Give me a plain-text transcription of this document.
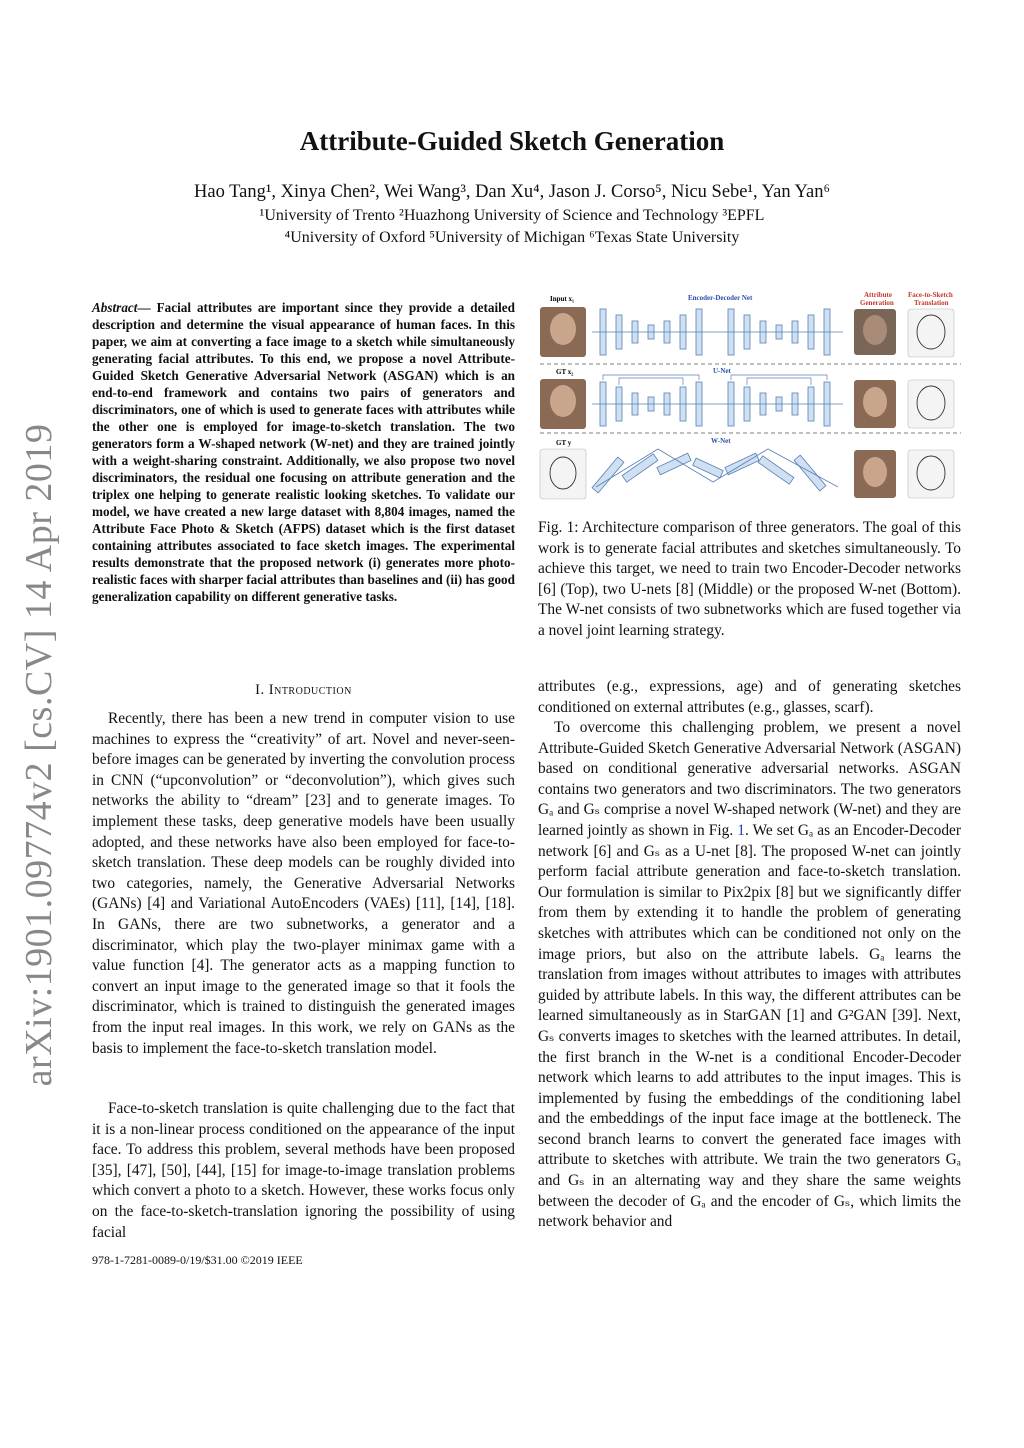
arXiv:1901.09774v2 [cs.CV] 14 Apr 2019
Attribute-Guided Sketch Generation
Hao Tang¹, Xinya Chen², Wei Wang³, Dan Xu⁴, Jason J. Corso⁵, Nicu Sebe¹, Yan Yan⁶
¹University of Trento ²Huazhong University of Science and Technology ³EPFL
⁴University of Oxford ⁵University of Michigan ⁶Texas State University
Abstract— Facial attributes are important since they provide a detailed description and determine the visual appearance of human faces. In this paper, we aim at converting a face image to a sketch while simultaneously generating facial attributes. To this end, we propose a novel Attribute-Guided Sketch Generative Adversarial Network (ASGAN) which is an end-to-end framework and contains two pairs of generators and discriminators, one of which is used to generate faces with attributes while the other one is employed for image-to-sketch translation. The two generators form a W-shaped network (W-net) and they are trained jointly with a weight-sharing constraint. Additionally, we also propose two novel discriminators, the residual one focusing on attribute generation and the triplex one helping to generate realistic looking sketches. To validate our model, we have created a new large dataset with 8,804 images, named the Attribute Face Photo & Sketch (AFPS) dataset which is the first dataset containing attributes associated to face sketch images. The experimental results demonstrate that the proposed network (i) generates more photo-realistic faces with sharper facial attributes than baselines and (ii) has good generalization capability on different generative tasks.
I. Introduction

Recently, there has been a new trend in computer vision to use machines to express the “creativity” of art. Novel and never-seen-before images can be generated by inverting the convolution process in CNN (“upconvolution” or “deconvolution”), which gives such networks the ability to “dream” [23] and to generate images. To implement these tasks, deep generative models have been usually adopted, and these networks have also been employed for face-to-sketch translation. These deep models can be roughly divided into two categories, namely, the Generative Adversarial Networks (GANs) [4] and Variational AutoEncoders (VAEs) [11], [14], [18]. In GANs, there are two subnetworks, a generator and a discriminator, which play the two-player minimax game with a value function [4]. The generator acts as a mapping function to convert an input image to the generated image so that it fools the discriminator, which is trained to distinguish the generated images from the input real images. In this work, we rely on GANs as the basis to implement the face-to-sketch translation model.

Face-to-sketch translation is quite challenging due to the fact that it is a non-linear process conditioned on the appearance of the input face. To address this problem, several methods have been proposed [35], [47], [50], [44], [15] for image-to-image translation problems which convert a photo to a sketch. However, these works focus only on the face-to-sketch-translation ignoring the possibility of using facial

978-1-7281-0089-0/19/$31.00 ©2019 IEEE
Input x₁
GT x₂
GT y
Encoder-Decoder Net
U-Net
W-Net
Attribute
Generation
Face-to-Sketch
Translation
Fig. 1: Architecture comparison of three generators. The goal of this work is to generate facial attributes and sketches simultaneously. To achieve this target, we need to train two Encoder-Decoder networks [6] (Top), two U-nets [8] (Middle) or the proposed W-net (Bottom). The W-net consists of two subnetworks which are fused together via a novel joint learning strategy.

attributes (e.g., expressions, age) and of generating sketches conditioned on external attributes (e.g., glasses, scarf).

To overcome this challenging problem, we present a novel Attribute-Guided Sketch Generative Adversarial Network (ASGAN) based on conditional generative adversarial networks. ASGAN contains two generators and two discriminators. The two generators Gₐ and Gₛ comprise a novel W-shaped network (W-net) and they are learned jointly as shown in Fig. 1. We set Gₐ as an Encoder-Decoder network [6] and Gₛ as a U-net [8]. The proposed W-net can jointly perform facial attribute generation and face-to-sketch translation. Our formulation is similar to Pix2pix [8] but we significantly differ from them by extending it to handle the problem of generating sketches with attributes which can be conditioned not only on the image priors, but also on the attribute labels. Gₐ learns the translation from images without attributes to images with attributes guided by attribute labels. In this way, the different attributes can be learned simultaneously as in StarGAN [1] and G²GAN [39]. Next, Gₛ converts images to sketches with the learned attributes. In detail, the first branch in the W-net is a conditional Encoder-Decoder network which learns to add attributes to the input images. This is implemented by fusing the embeddings of the conditioning label and the embeddings of the input face image at the bottleneck. The second branch learns to convert the generated face images with attribute to sketches with attribute. We train the two generators Gₐ and Gₛ in an alternating way and they share the same weights between the decoder of Gₐ and the encoder of Gₛ, which limits the network behavior and
